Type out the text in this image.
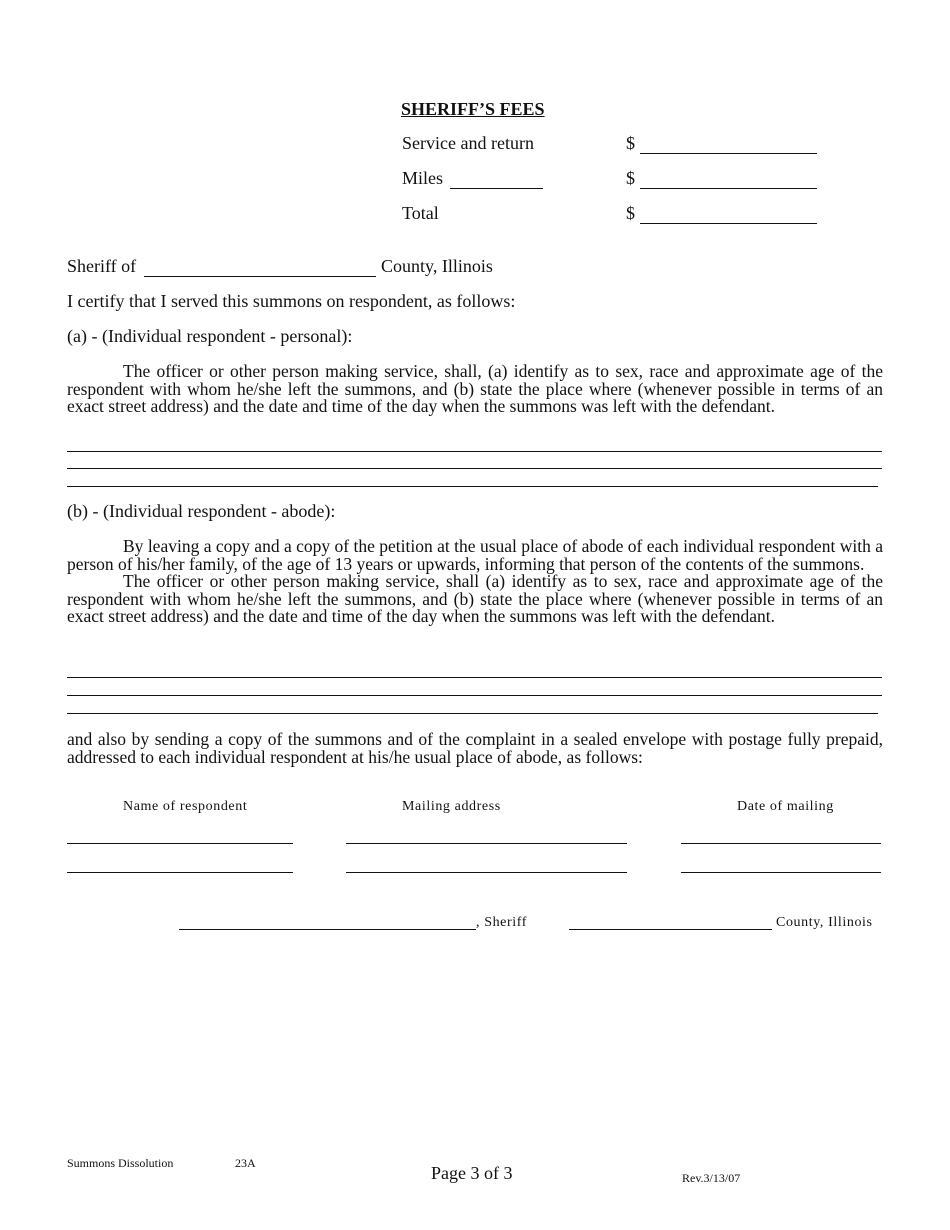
SHERIFF’S FEES
Service and return	$
Miles	$
Total	$
Sheriff of	County, Illinois
I certify that I served this summons on respondent, as follows:
(a) - (Individual respondent - personal):

The officer or other person making service, shall, (a) identify as to sex, race and approximate age of the respondent with whom he/she left the summons, and (b) state the place where (whenever possible in terms of an exact street address) and the date and time of the day when the summons was left with the defendant.

(b) - (Individual respondent - abode):

By leaving a copy and a copy of the petition at the usual place of abode of each individual respondent with a person of his/her family, of the age of 13 years or upwards, informing that person of the contents of the summons.

The officer or other person making service, shall (a) identify as to sex, race and approximate age of the respondent with whom he/she left the summons, and (b) state the place where (whenever possible in terms of an exact street address) and the date and time of the day when the summons was left with the defendant.

and also by sending a copy of the summons and of the complaint in a sealed envelope with postage fully prepaid, addressed to each individual respondent at his/he usual place of abode, as follows:
Name of respondent	Mailing address	Date of mailing
, Sheriff	County, Illinois
Summons Dissolution	23A	Page 3 of 3	Rev.3/13/07
